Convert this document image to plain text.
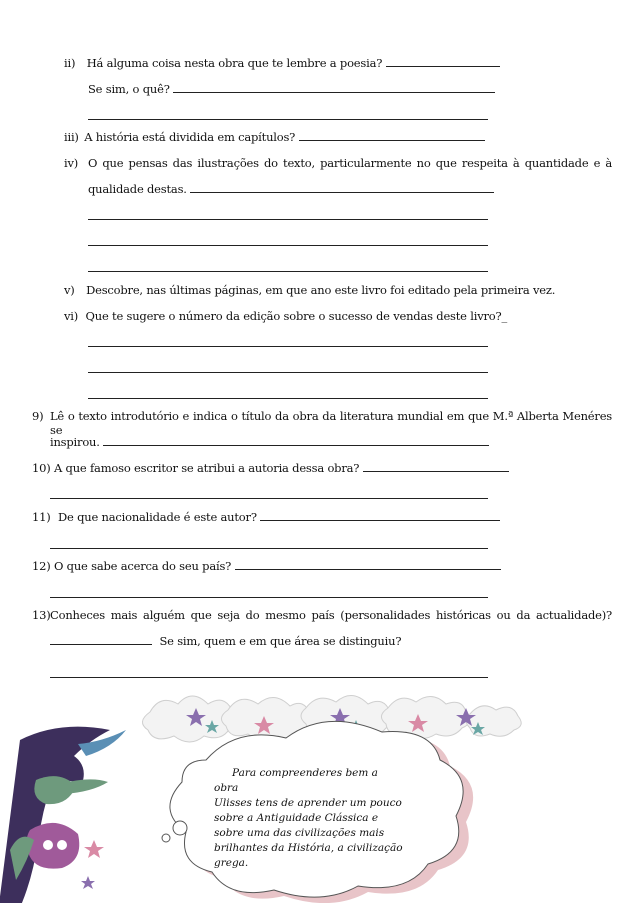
ii) Há alguma coisa nesta obra que te lembre a poesia?
Se sim, o quê?
iii) A história está dividida em capítulos?
iv) O que pensas das ilustrações do texto, particularmente no que respeita à quantidade e à
qualidade destas.
v) Descobre, nas últimas páginas, em que ano este livro foi editado pela primeira vez.
vi) Que te sugere o número da edição sobre o sucesso de vendas deste livro?_
9) Lê o texto introdutório e indica o título da obra da literatura mundial em que M.ª Alberta Menéres se
inspirou.
10) A que famoso escritor se atribui a autoria dessa obra?
11) De que nacionalidade é este autor?
12) O que sabe acerca do seu país?
13) Conheces mais alguém que seja do mesmo país (personalidades históricas ou da actualidade)?
Se sim, quem e em que área se distinguiu?
Para compreenderes bem a obra
Ulisses tens de aprender um pouco
sobre a Antiguidade Clássica e
sobre uma das civilizações mais
brilhantes da História, a civilização
grega.
